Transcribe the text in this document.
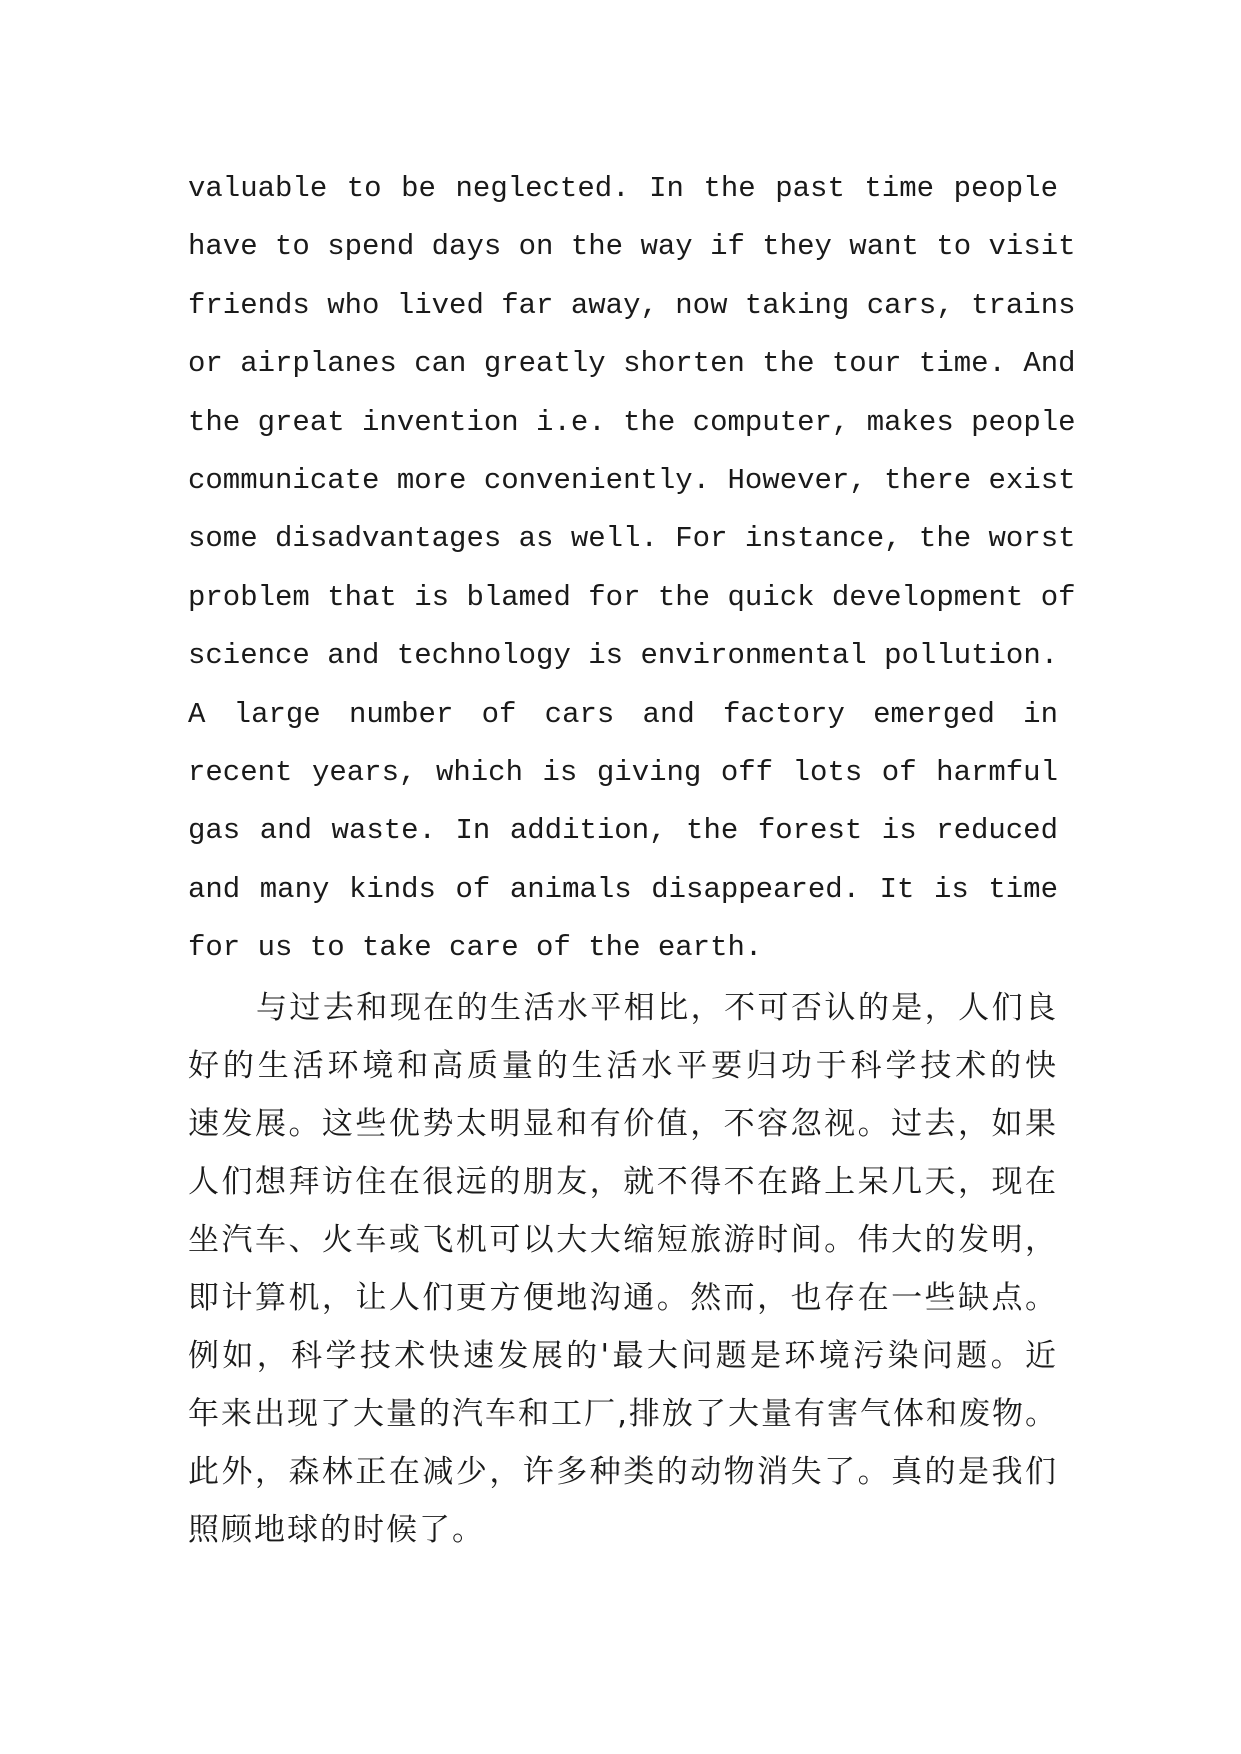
valuable to be neglected. In the past time people
have to spend days on the way if they want to visit
friends who lived far away, now taking cars, trains
or airplanes can greatly shorten the tour time. And
the great invention i.e. the computer, makes people
communicate more conveniently. However, there exist
some disadvantages as well. For instance, the worst
problem that is blamed for the quick development of
science and technology is environmental pollution.
A large number of cars and factory emerged in
recent years, which is giving off lots of harmful
gas and waste. In addition, the forest is reduced
and many kinds of animals disappeared. It is time
for us to take care of the earth.
与过去和现在的生活水平相比，不可否认的是，人们良
好的生活环境和高质量的生活水平要归功于科学技术的快
速发展。这些优势太明显和有价值，不容忽视。过去，如果
人们想拜访住在很远的朋友，就不得不在路上呆几天，现在
坐汽车、火车或飞机可以大大缩短旅游时间。伟大的发明，
即计算机，让人们更方便地沟通。然而，也存在一些缺点。
例如，科学技术快速发展的'最大问题是环境污染问题。近
年来出现了大量的汽车和工厂,排放了大量有害气体和废物。
此外，森林正在减少，许多种类的动物消失了。真的是我们
照顾地球的时候了。
